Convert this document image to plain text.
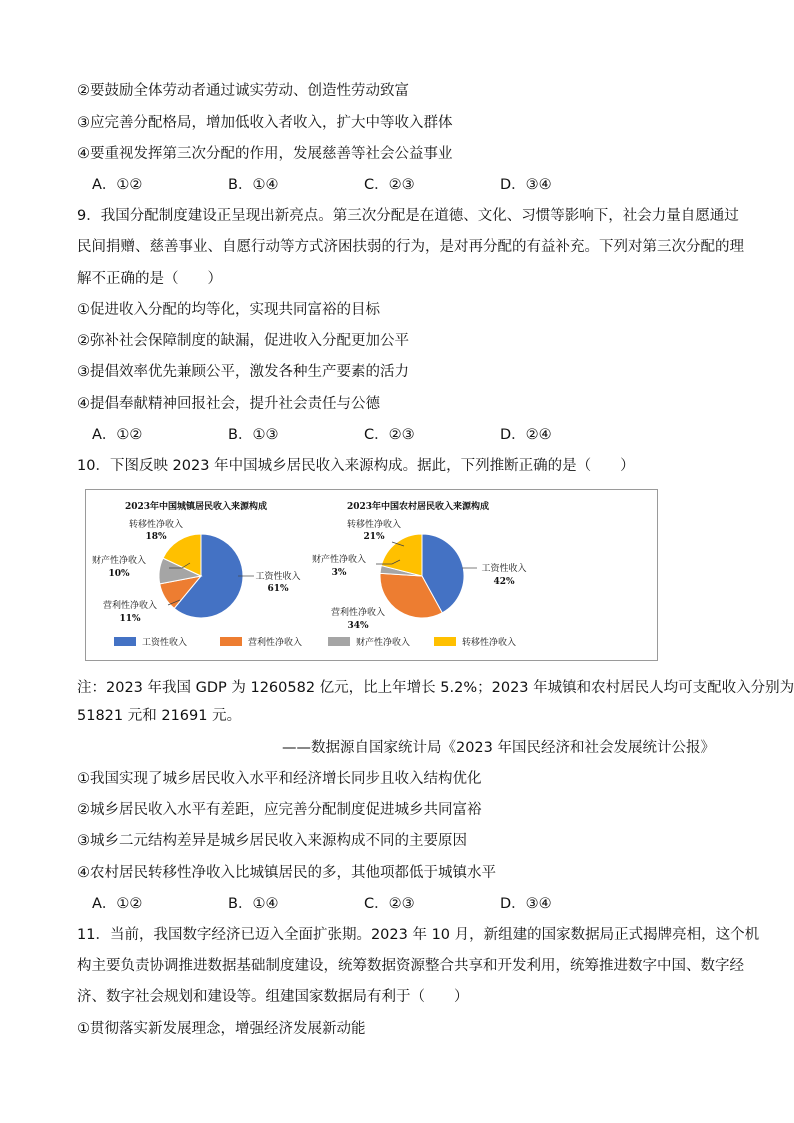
②要鼓励全体劳动者通过诚实劳动、创造性劳动致富
③应完善分配格局，增加低收入者收入，扩大中等收入群体
④要重视发挥第三次分配的作用，发展慈善等社会公益事业
A．①②	B．①④	C．②③	D．③④
9．我国分配制度建设正呈现出新亮点。第三次分配是在道德、文化、习惯等影响下，社会力量自愿通过
民间捐赠、慈善事业、自愿行动等方式济困扶弱的行为，是对再分配的有益补充。下列对第三次分配的理
解不正确的是（　　）
①促进收入分配的均等化，实现共同富裕的目标
②弥补社会保障制度的缺漏，促进收入分配更加公平
③提倡效率优先兼顾公平，激发各种生产要素的活力
④提倡奉献精神回报社会，提升社会责任与公德
A．①②	B．①③	C．②③	D．②④
10．下图反映 2023 年中国城乡居民收入来源构成。据此，下列推断正确的是（　　）
2023年中国城镇居民收入来源构成	2023年中国农村居民收入来源构成
转移性净收入
18%
财产性净收入
10%
营利性净收入
11%
工资性收入
61%
转移性净收入
21%
财产性净收入
3%
营利性净收入
34%
工资性收入
42%
工资性收入	营利性净收入	财产性净收入	转移性净收入
注：2023 年我国 GDP 为 1260582 亿元，比上年增长 5.2%；2023 年城镇和农村居民人均可支配收入分别为
51821 元和 21691 元。
——数据源自国家统计局《2023 年国民经济和社会发展统计公报》
①我国实现了城乡居民收入水平和经济增长同步且收入结构优化
②城乡居民收入水平有差距，应完善分配制度促进城乡共同富裕
③城乡二元结构差异是城乡居民收入来源构成不同的主要原因
④农村居民转移性净收入比城镇居民的多，其他项都低于城镇水平
A．①②	B．①④	C．②③	D．③④
11．当前，我国数字经济已迈入全面扩张期。2023 年 10 月，新组建的国家数据局正式揭牌亮相，这个机
构主要负责协调推进数据基础制度建设，统筹数据资源整合共享和开发利用，统筹推进数字中国、数字经
济、数字社会规划和建设等。组建国家数据局有利于（　　）
①贯彻落实新发展理念，增强经济发展新动能
